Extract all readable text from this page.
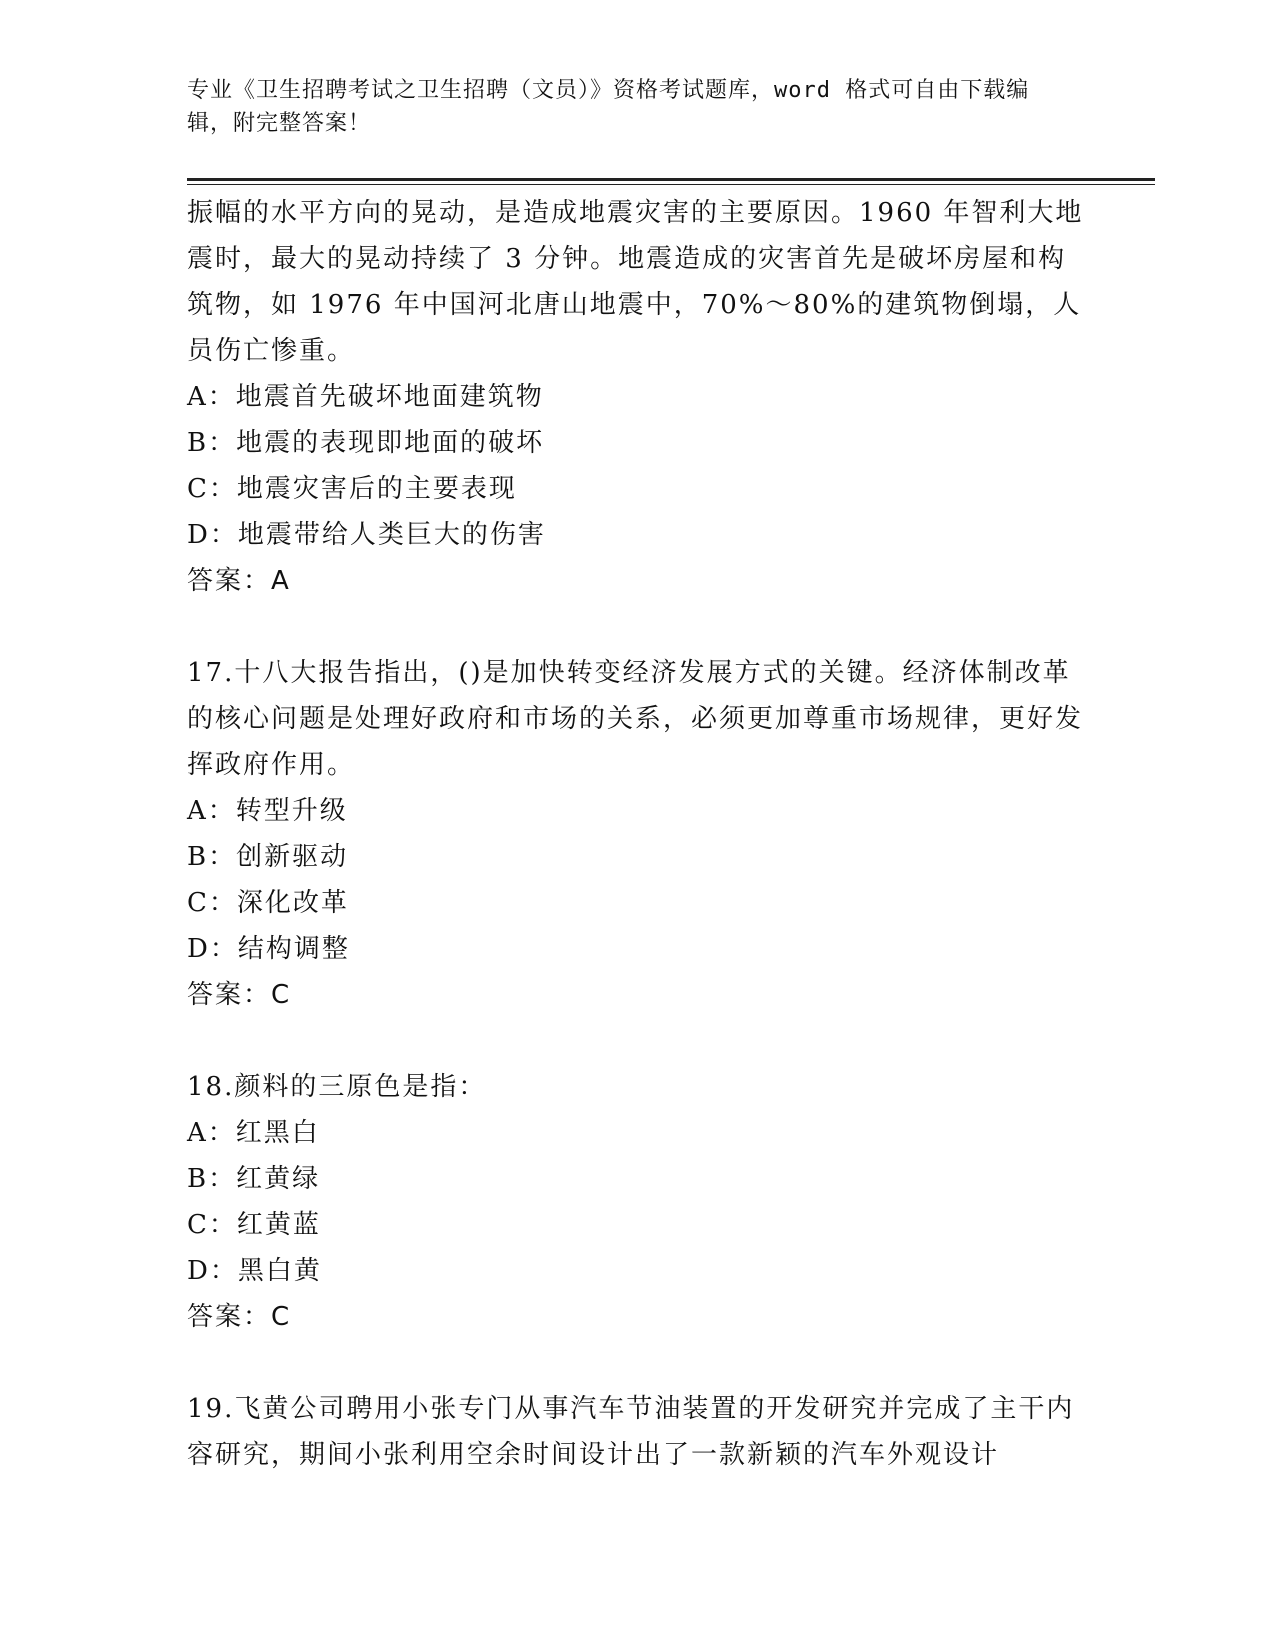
专业《卫生招聘考试之卫生招聘（文员）》资格考试题库，word 格式可自由下载编辑，附完整答案！

振幅的水平方向的晃动，是造成地震灾害的主要原因。1960 年智利大地震时，最大的晃动持续了 3 分钟。地震造成的灾害首先是破坏房屋和构筑物，如 1976 年中国河北唐山地震中，70%～80%的建筑物倒塌，人员伤亡惨重。

A：地震首先破坏地面建筑物

B：地震的表现即地面的破坏

C：地震灾害后的主要表现

D：地震带给人类巨大的伤害

答案：A

17.十八大报告指出，()是加快转变经济发展方式的关键。经济体制改革的核心问题是处理好政府和市场的关系，必须更加尊重市场规律，更好发挥政府作用。

A：转型升级

B：创新驱动

C：深化改革

D：结构调整

答案：C

18.颜料的三原色是指：

A：红黑白

B：红黄绿

C：红黄蓝

D：黑白黄

答案：C

19.飞黄公司聘用小张专门从事汽车节油装置的开发研究并完成了主干内容研究，期间小张利用空余时间设计出了一款新颖的汽车外观设计
